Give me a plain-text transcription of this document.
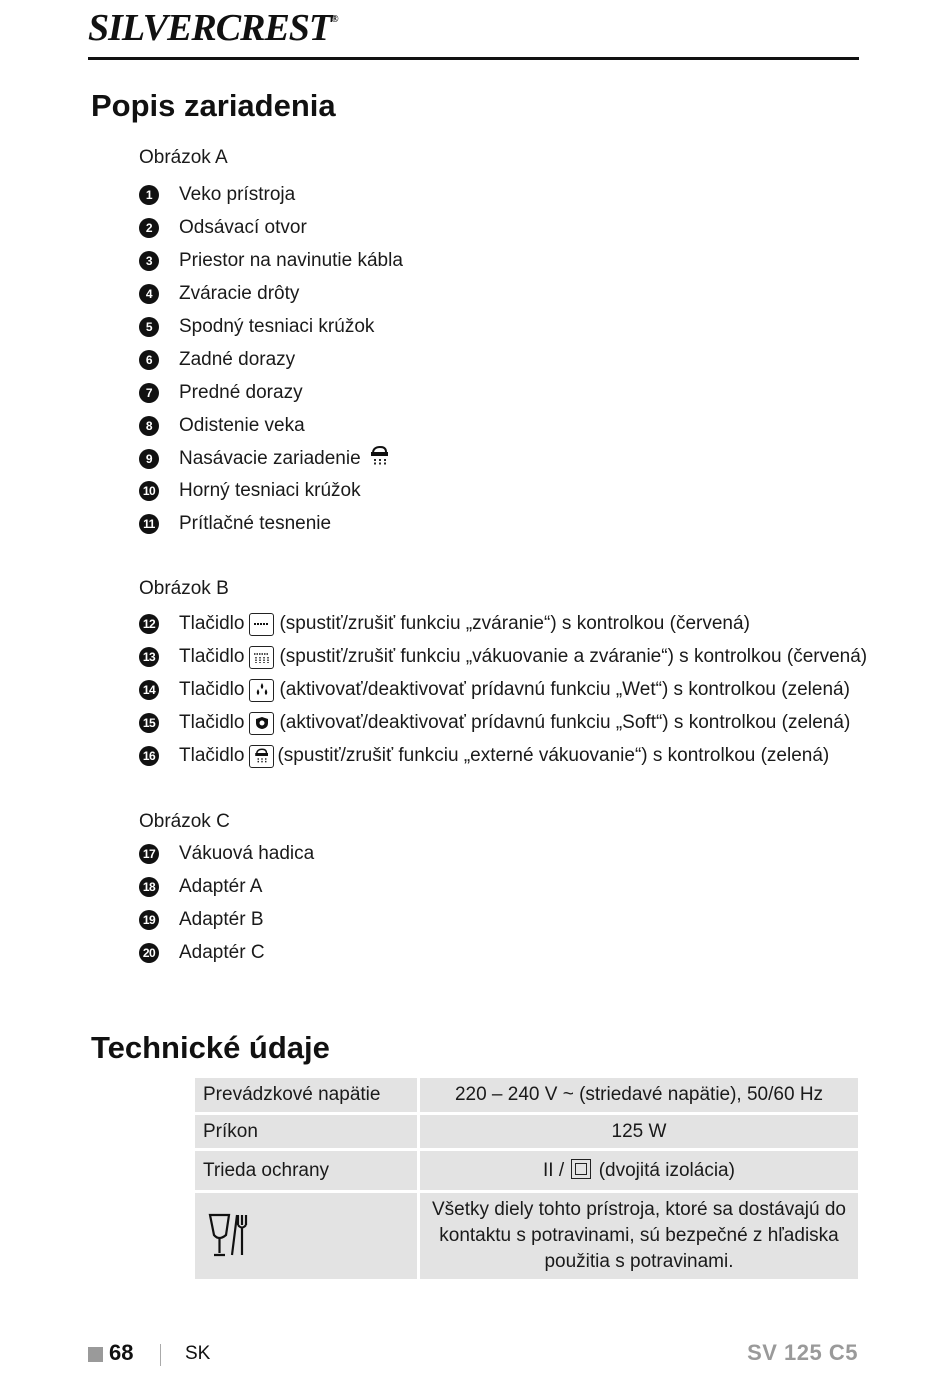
SILVERCREST®
Popis zariadenia
Obrázok A
1	Veko prístroja
2	Odsávací otvor
3	Priestor na navinutie kábla
4	Zváracie drôty
5	Spodný tesniaci krúžok
6	Zadné dorazy
7	Predné dorazy
8	Odistenie veka
9	Nasávacie zariadenie
10 Horný tesniaci krúžok
11 Prítlačné tesnenie
Obrázok B
12 Tlačidlo (spustiť/zrušiť funkciu „zváranie“) s kontrolkou (červená)
13 Tlačidlo (spustiť/zrušiť funkciu „vákuovanie a zváranie“) s kontrolkou (červená)
14 Tlačidlo (aktivovať/deaktivovať prídavnú funkciu „Wet“) s kontrolkou (zelená)
15 Tlačidlo (aktivovať/deaktivovať prídavnú funkciu „Soft“) s kontrolkou (zelená)
16 Tlačidlo (spustiť/zrušiť funkciu „externé vákuovanie“) s kontrolkou (zelená)
Obrázok C
17 Vákuová hadica
18 Adaptér A
19 Adaptér B
20 Adaptér C
Technické údaje
Prevádzkové napätie	220 – 240 V ~ (striedavé napätie), 50/60 Hz
Príkon	125 W
Trieda ochrany	II / (dvojitá izolácia)
	Všetky diely tohto prístroja, ktoré sa dostávajú do kontaktu s potravinami, sú bezpečné z hľadiska použitia s potravinami.
68	SK	SV 125 C5
